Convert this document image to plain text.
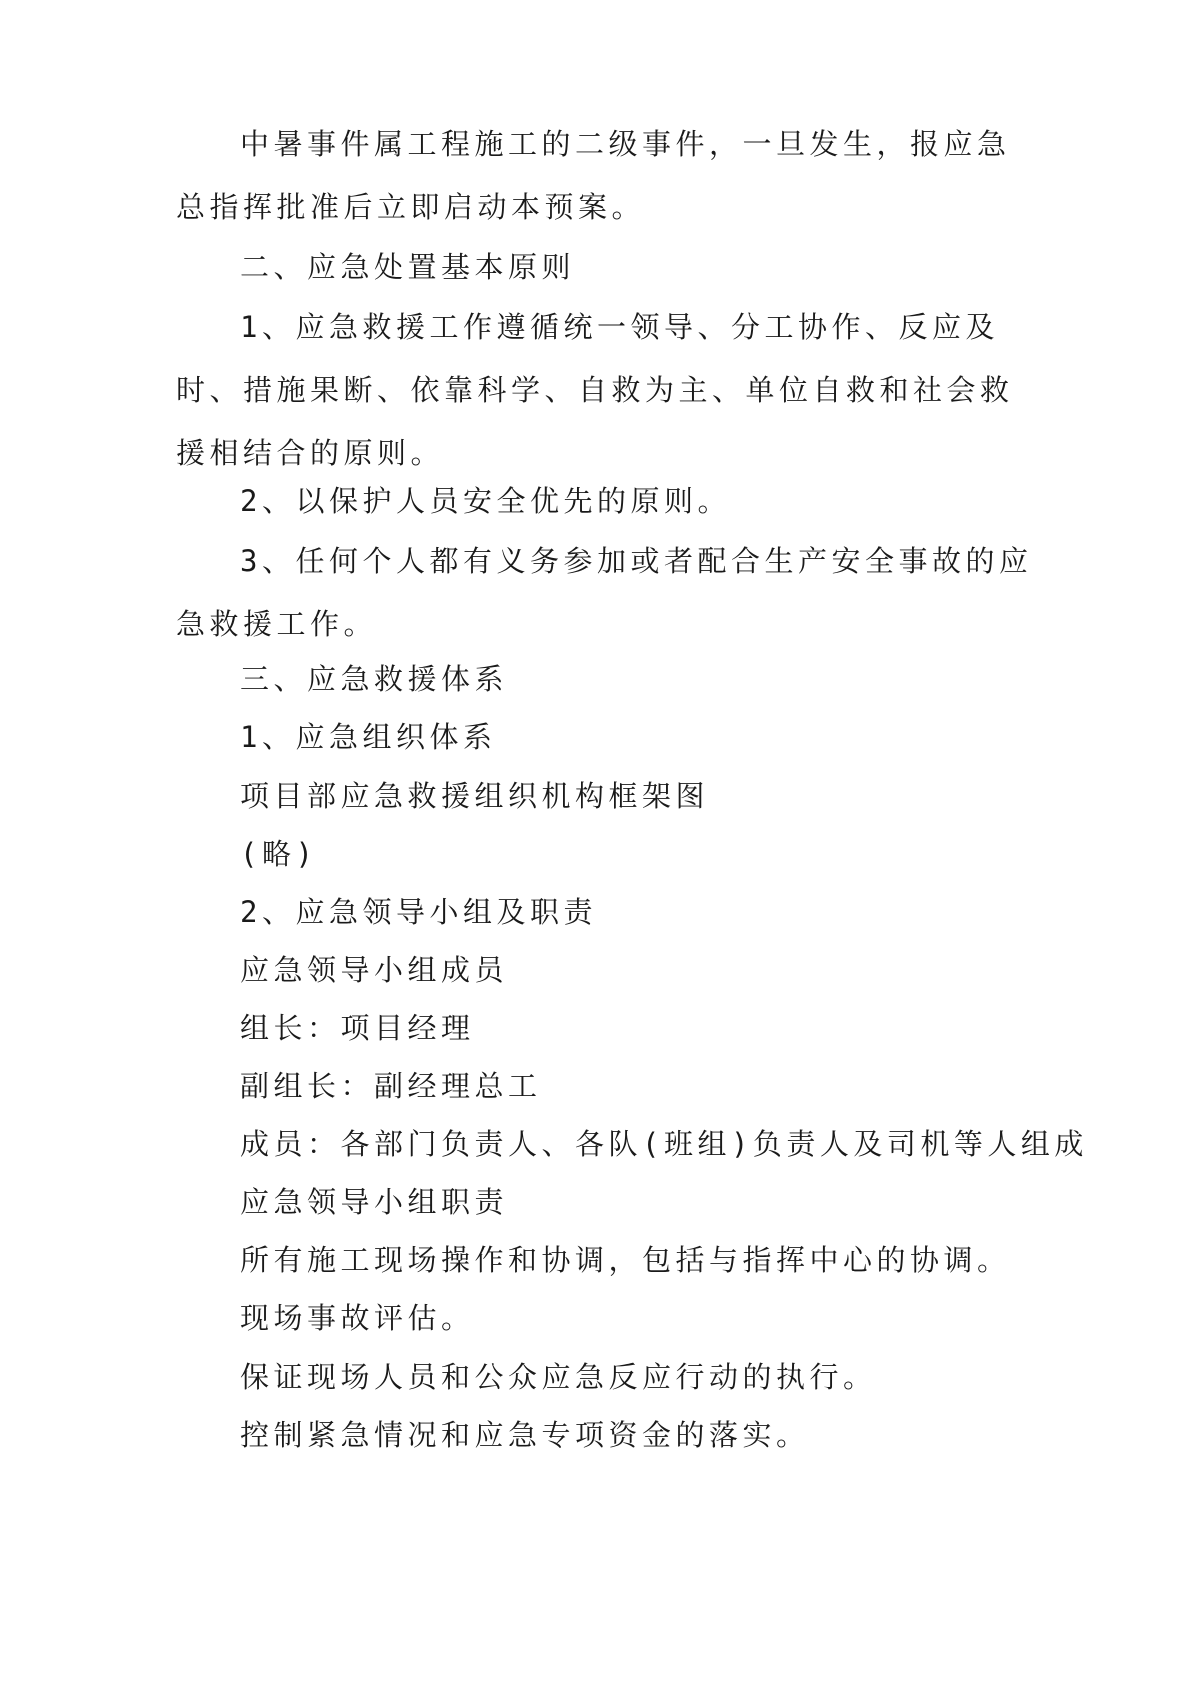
中暑事件属工程施工的二级事件，一旦发生，报应急总指挥批准后立即启动本预案。

二、应急处置基本原则

1、应急救援工作遵循统一领导、分工协作、反应及时、措施果断、依靠科学、自救为主、单位自救和社会救援相结合的原则。

2、以保护人员安全优先的原则。

3、任何个人都有义务参加或者配合生产安全事故的应急救援工作。

三、应急救援体系

1、应急组织体系

项目部应急救援组织机构框架图

(略)

2、应急领导小组及职责

应急领导小组成员

组长：项目经理

副组长：副经理总工

成员：各部门负责人、各队(班组)负责人及司机等人组成

应急领导小组职责

所有施工现场操作和协调，包括与指挥中心的协调。

现场事故评估。

保证现场人员和公众应急反应行动的执行。

控制紧急情况和应急专项资金的落实。
